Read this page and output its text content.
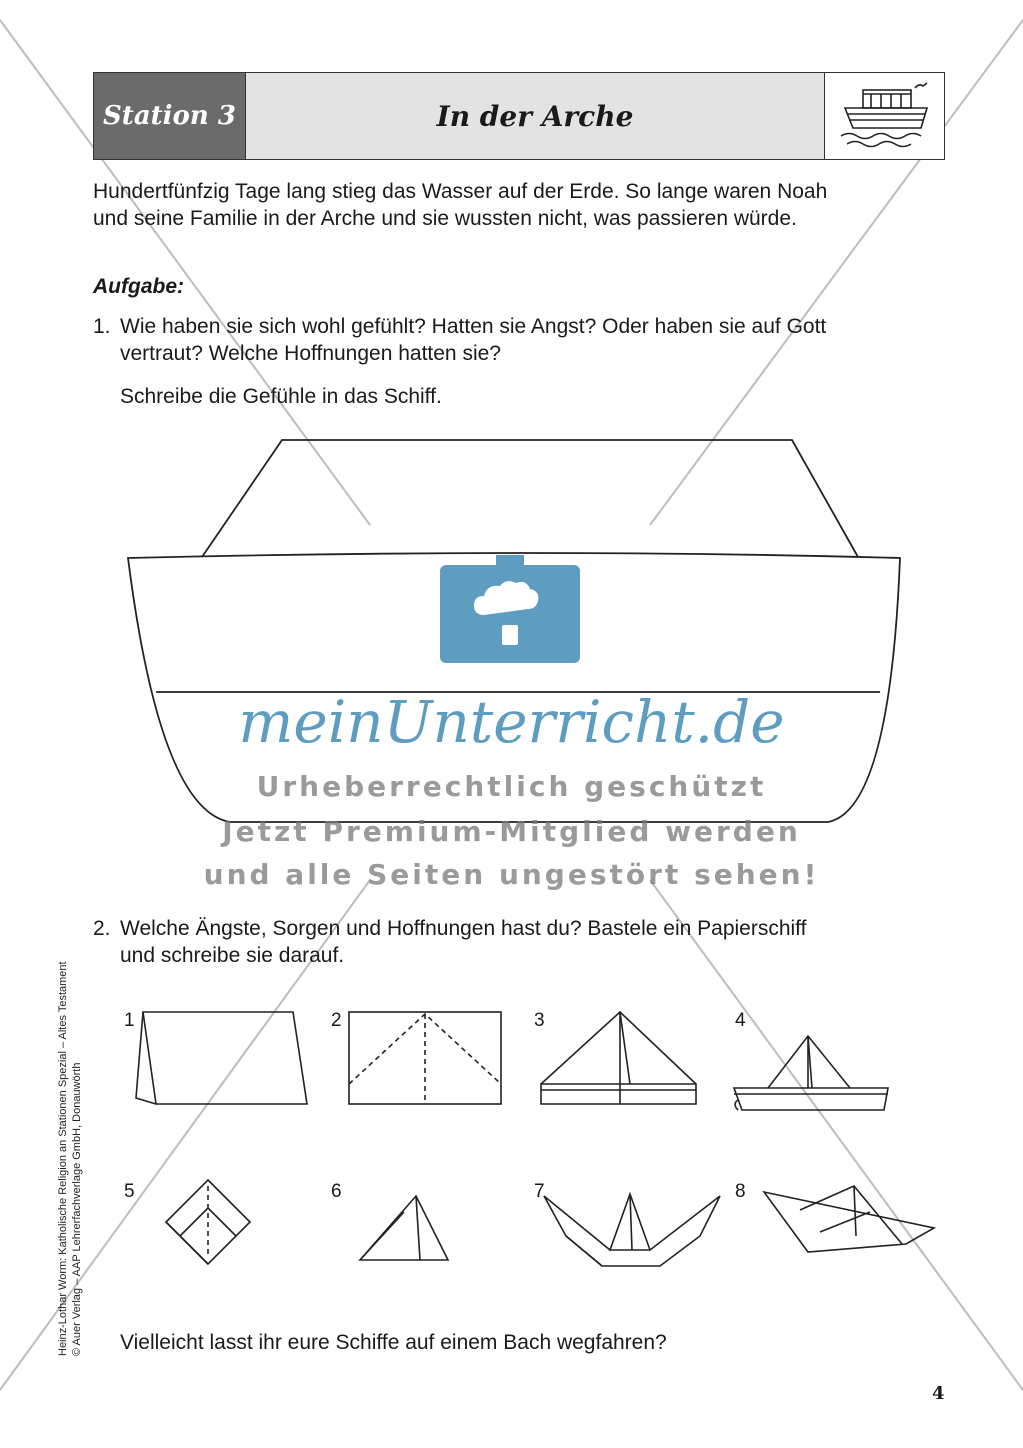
Station 3	In der Arche
Hundertfünfzig Tage lang stieg das Wasser auf der Erde. So lange waren Noah
und seine Familie in der Arche und sie wussten nicht, was passieren würde.
Aufgabe:
1. Wie haben sie sich wohl gefühlt? Hatten sie Angst? Oder haben sie auf Gott
vertraut? Welche Hoffnungen hatten sie?
Schreibe die Gefühle in das Schiff.
meinUnterricht.de
Urheberrechtlich geschützt
Jetzt Premium-Mitglied werden
und alle Seiten ungestört sehen!
2. Welche Ängste, Sorgen und Hoffnungen hast du? Bastele ein Papierschiff
und schreibe sie darauf.
1	2	3	4
5	6	7	8
Vielleicht lasst ihr eure Schiffe auf einem Bach wegfahren?
Heinz-Lothar Worm: Katholische Religion an Stationen Spezial – Altes Testament © Auer Verlag – AAP Lehrerfachverlage GmbH, Donauwörth
4
